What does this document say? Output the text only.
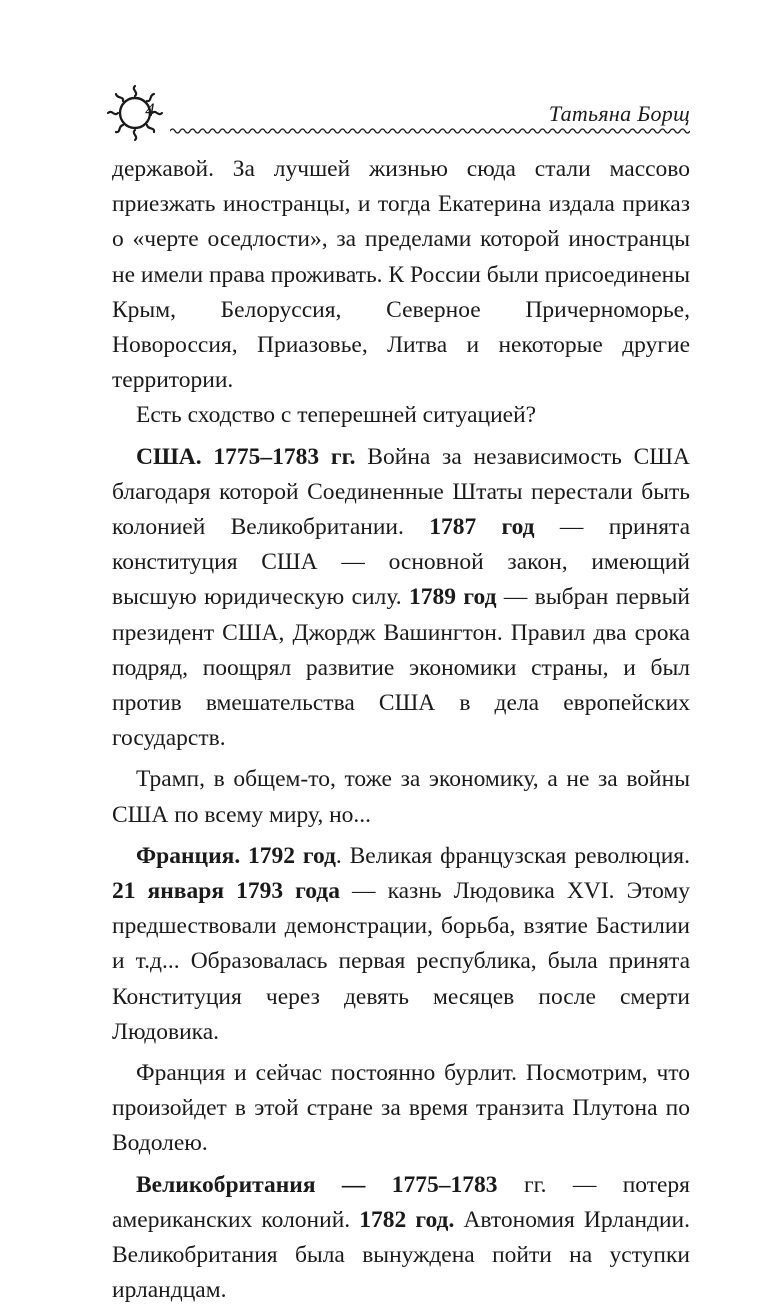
4	Татьяна Борщ

державой. За лучшей жизнью сюда стали массово приезжать иностранцы, и тогда Екатерина издала приказ о «черте оседлости», за пределами которой иностранцы не имели права проживать. К России были присоединены Крым, Белоруссия, Северное Причерноморье, Новороссия, Приазовье, Литва и некоторые другие территории.

Есть сходство с теперешней ситуацией?

США. 1775–1783 гг. Война за независимость США благодаря которой Соединенные Штаты перестали быть колонией Великобритании. 1787 год — принята конституция США — основной закон, имеющий высшую юридическую силу. 1789 год — выбран первый президент США, Джордж Вашингтон. Правил два срока подряд, поощрял развитие экономики страны, и был против вмешательства США в дела европейских государств.

Трамп, в общем-то, тоже за экономику, а не за войны США по всему миру, но...

Франция. 1792 год. Великая французская революция. 21 января 1793 года — казнь Людовика XVI. Этому предшествовали демонстрации, борьба, взятие Бастилии и т.д... Образовалась первая республика, была принята Конституция через девять месяцев после смерти Людовика.

Франция и сейчас постоянно бурлит. Посмотрим, что произойдет в этой стране за время транзита Плутона по Водолею.

Великобритания — 1775–1783 гг. — потеря американских колоний. 1782 год. Автономия Ирландии. Великобритания была вынуждена пойти на уступки ирландцам.
